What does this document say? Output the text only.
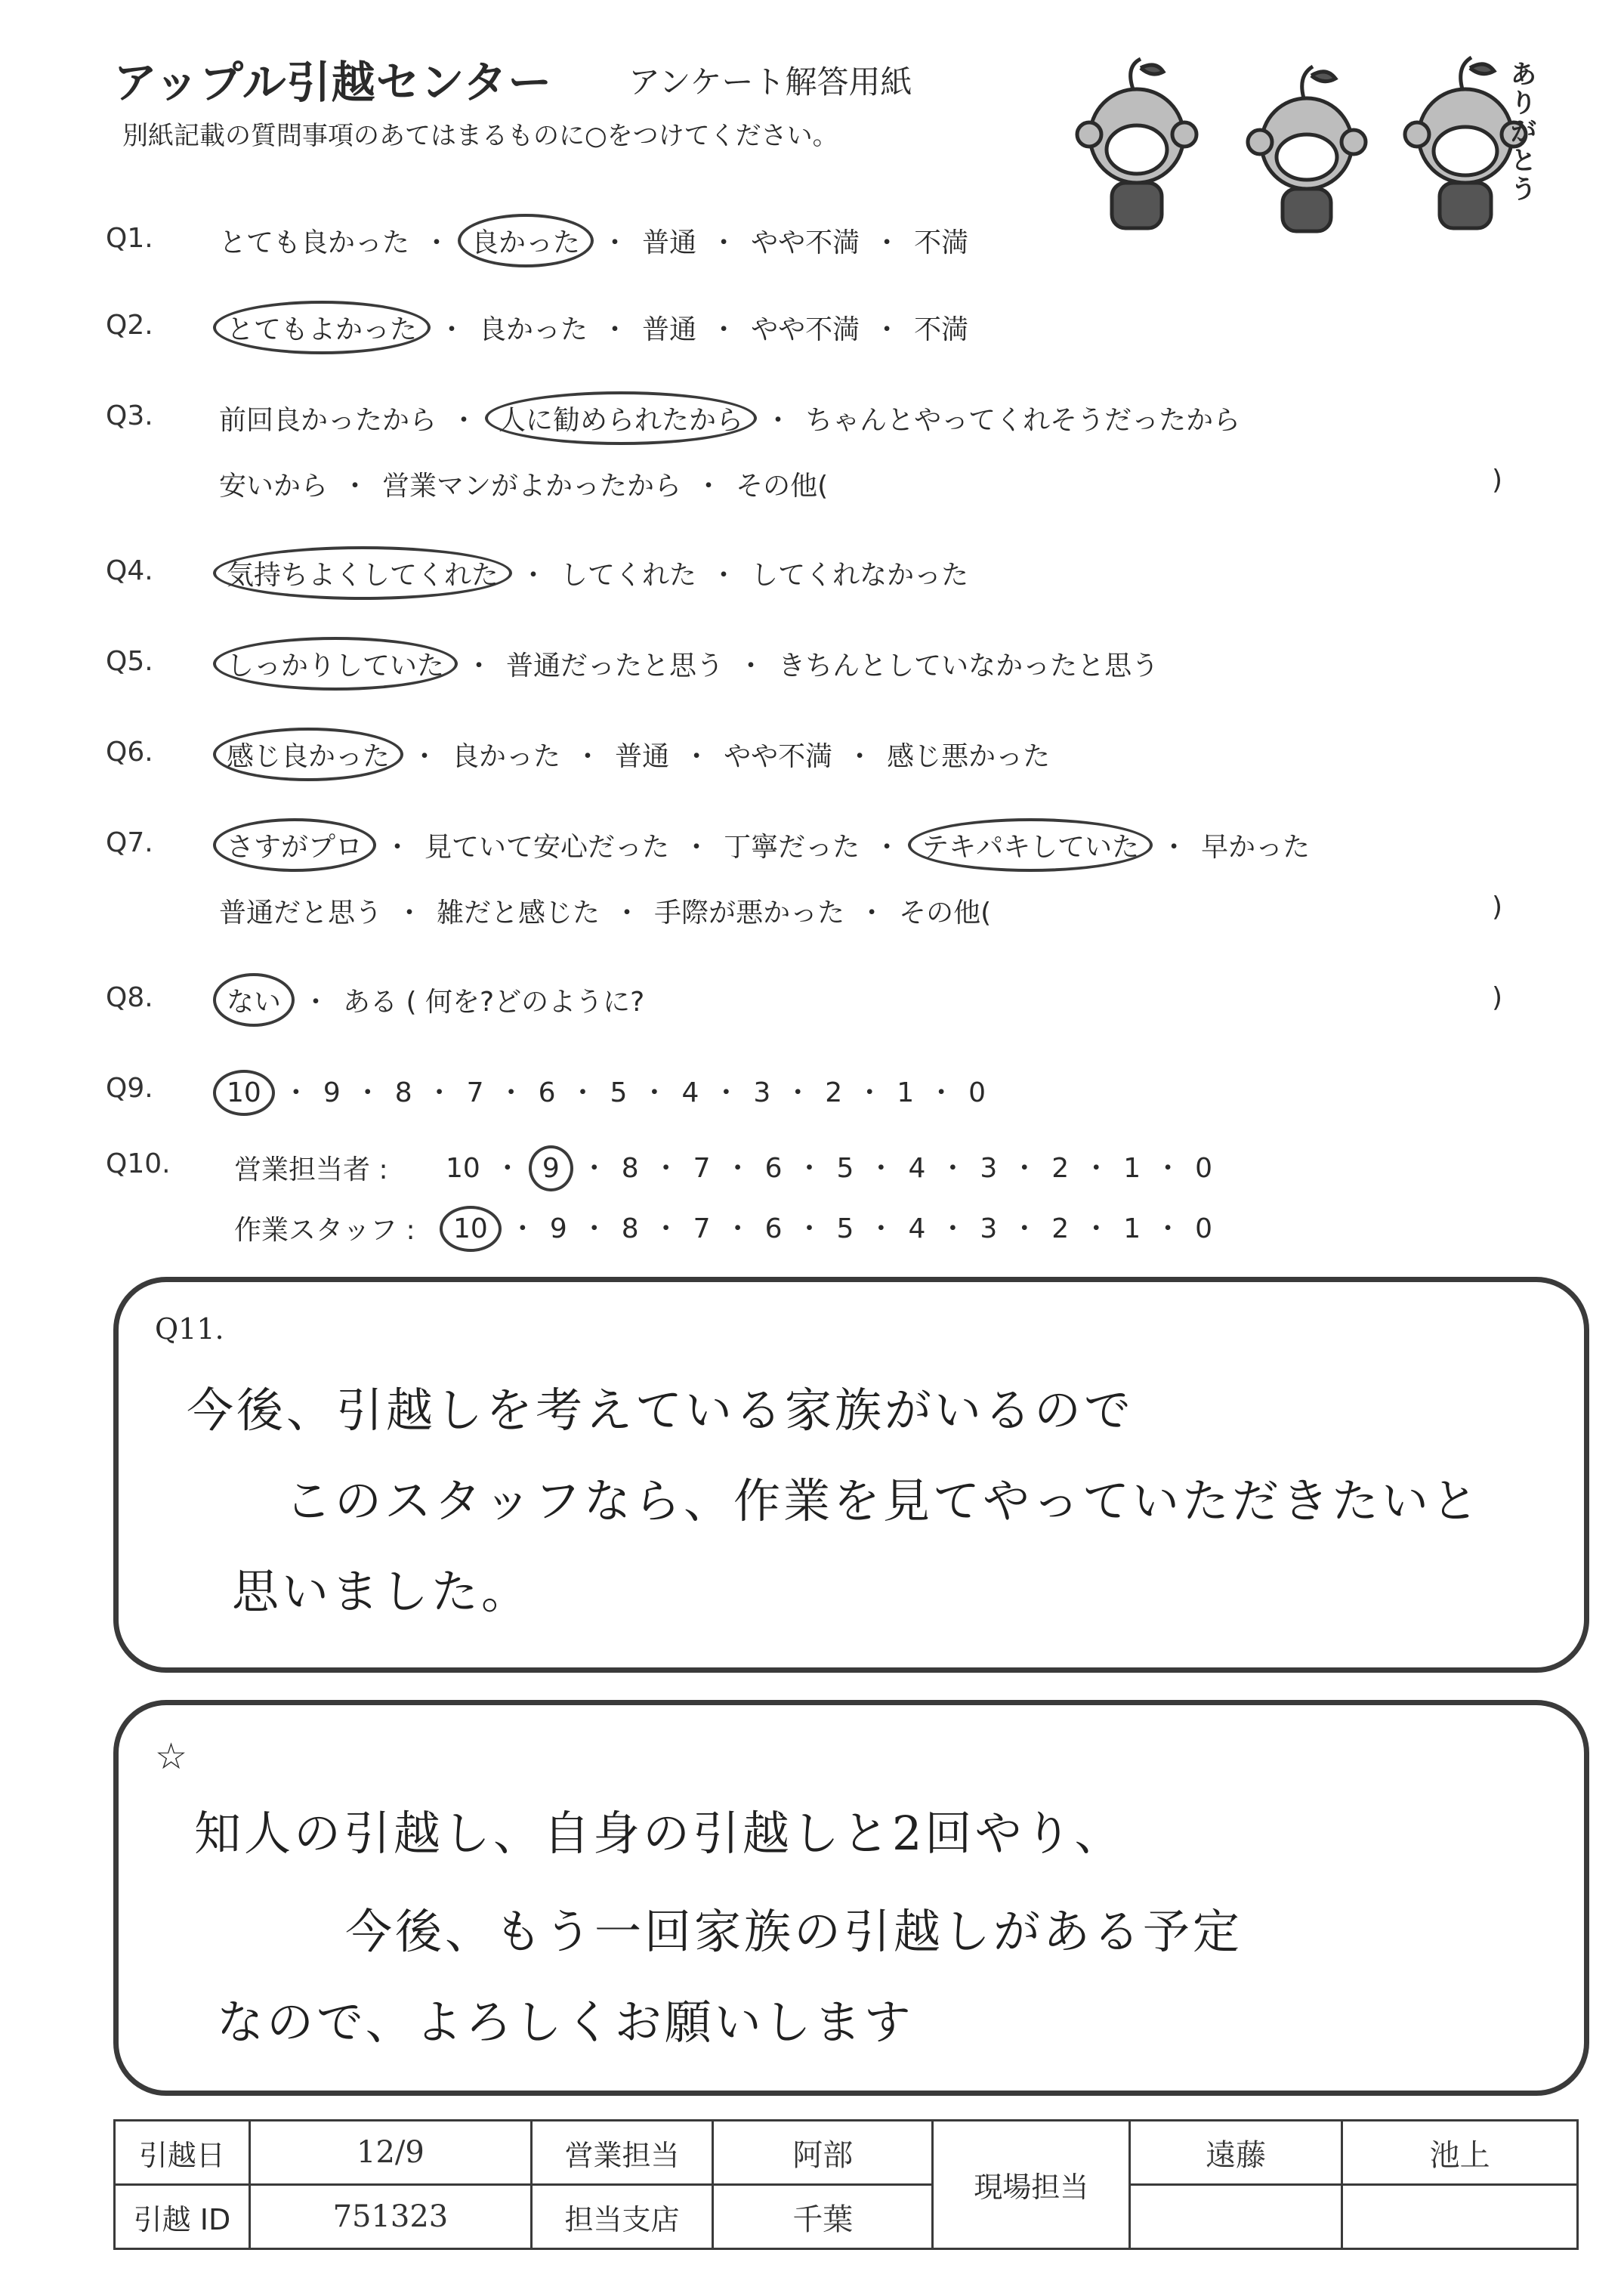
アップル引越センター アンケート解答用紙
別紙記載の質問事項のあてはまるものに○をつけてください。
ありがとう
Q1. とても良かった ・ 良かった ・ 普通 ・ やや不満 ・ 不満
Q2.	とてもよかった ・ 良かった ・ 普通 ・ やや不満 ・ 不満
Q3. 前回良かったから ・ 人に勧められたから ・ ちゃんとやってくれそうだったから
安いから ・ 営業マンがよかったから ・ その他(	)
Q4.	気持ちよくしてくれた ・ してくれた ・ してくれなかった
Q5.	しっかりしていた ・ 普通だったと思う ・ きちんとしていなかったと思う
Q6.	感じ良かった ・ 良かった ・ 普通 ・ やや不満 ・ 感じ悪かった
Q7.	さすがプロ ・ 見ていて安心だった ・ 丁寧だった ・ テキパキしていた ・ 早かった
普通だと思う ・ 雑だと感じた ・ 手際が悪かった ・ その他(	)
Q8.	ない ・ ある ( 何を?どのように?	)
Q9.	10 ・ 9 ・ 8 ・ 7 ・ 6 ・ 5 ・ 4 ・ 3 ・ 2 ・ 1 ・ 0
Q10. 営業担当者 : 10 ・ 9 ・ 8 ・ 7 ・ 6 ・ 5 ・ 4 ・ 3 ・ 2 ・ 1 ・ 0
作業スタッフ : 10 ・ 9 ・ 8 ・ 7 ・ 6 ・ 5 ・ 4 ・ 3 ・ 2 ・ 1 ・ 0
Q11.
今後、引越しを考えている家族がいるので
このスタッフなら、作業を見てやっていただきたいと
思いました。
☆
知人の引越し、自身の引越しと2回やり、
今後、もう一回家族の引越しがある予定
なので、よろしくお願いします
引越日	12/9	営業担当	阿部	現場担当	遠藤	池上
引越 ID	751323	担当支店	千葉			
